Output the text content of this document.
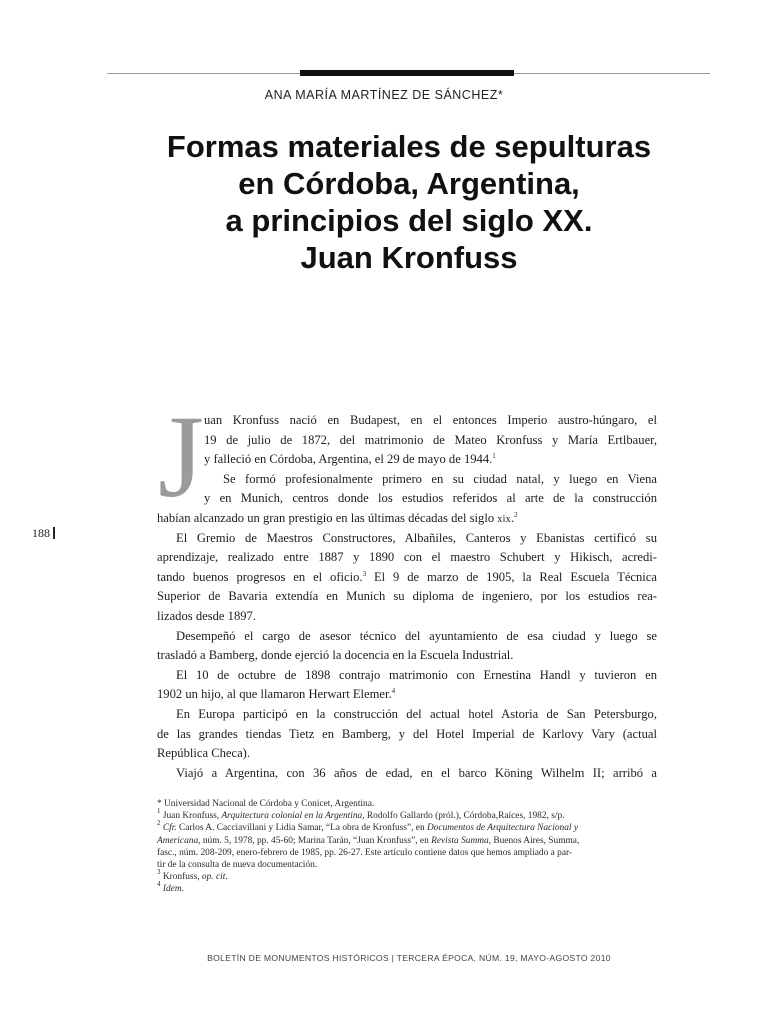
ANA MARÍA MARTÍNEZ DE SÁNCHEZ*
Formas materiales de sepulturas
en Córdoba, Argentina,
a principios del siglo XX.
Juan Kronfuss
188
J uan Kronfuss nació en Budapest, en el entonces Imperio austro-húngaro, el
19 de julio de 1872, del matrimonio de Mateo Kronfuss y María Ertlbauer,
y falleció en Córdoba, Argentina, el 29 de mayo de 1944.$^1$
Se formó profesionalmente primero en su ciudad natal, y luego en Viena
y en Munich, centros donde los estudios referidos al arte de la construcción
habían alcanzado un gran prestigio en las últimas décadas del siglo xix.$^2$
El Gremio de Maestros Constructores, Albañiles, Canteros y Ebanistas certificó su
aprendizaje, realizado entre 1887 y 1890 con el maestro Schubert y Hikisch, acredi-
tando buenos progresos en el oficio.$^3$ El 9 de marzo de 1905, la Real Escuela Técnica
Superior de Bavaria extendía en Munich su diploma de ingeniero, por los estudios rea-
lizados desde 1897.
Desempeñó el cargo de asesor técnico del ayuntamiento de esa ciudad y luego se
trasladó a Bamberg, donde ejerció la docencia en la Escuela Industrial.
El 10 de octubre de 1898 contrajo matrimonio con Ernestina Handl y tuvieron en
1902 un hijo, al que llamaron Herwart Elemer.$^4$
En Europa participó en la construcción del actual hotel Astoria de San Petersburgo,
de las grandes tiendas Tietz en Bamberg, y del Hotel Imperial de Karlovy Vary (actual
República Checa).
Viajó a Argentina, con 36 años de edad, en el barco Köning Wilhelm II; arribó a
* Universidad Nacional de Córdoba y Conicet, Argentina.
$^1$ Juan Kronfuss, Arquitectura colonial en la Argentina, Rodolfo Gallardo (pról.), Córdoba,Raíces, 1982, s/p.
$^2$ Cfr. Carlos A. Cacciavillani y Lidia Samar, “La obra de Kronfuss”, en Documentos de Arquitectura Nacional y
Americana, núm. 5, 1978, pp. 45-60; Marina Tarán, “Juan Kronfuss”, en Revista Summa, Buenos Aires, Summa,
fasc., núm. 208-209, enero-febrero de 1985, pp. 26-27. Este artículo contiene datos que hemos ampliado a par-
tir de la consulta de nueva documentación.
$^3$ Kronfuss, op. cit.
$^4$ Idem.
BOLETÍN DE MONUMENTOS HISTÓRICOS | TERCERA ÉPOCA, NÚM. 19, MAYO-AGOSTO 2010
